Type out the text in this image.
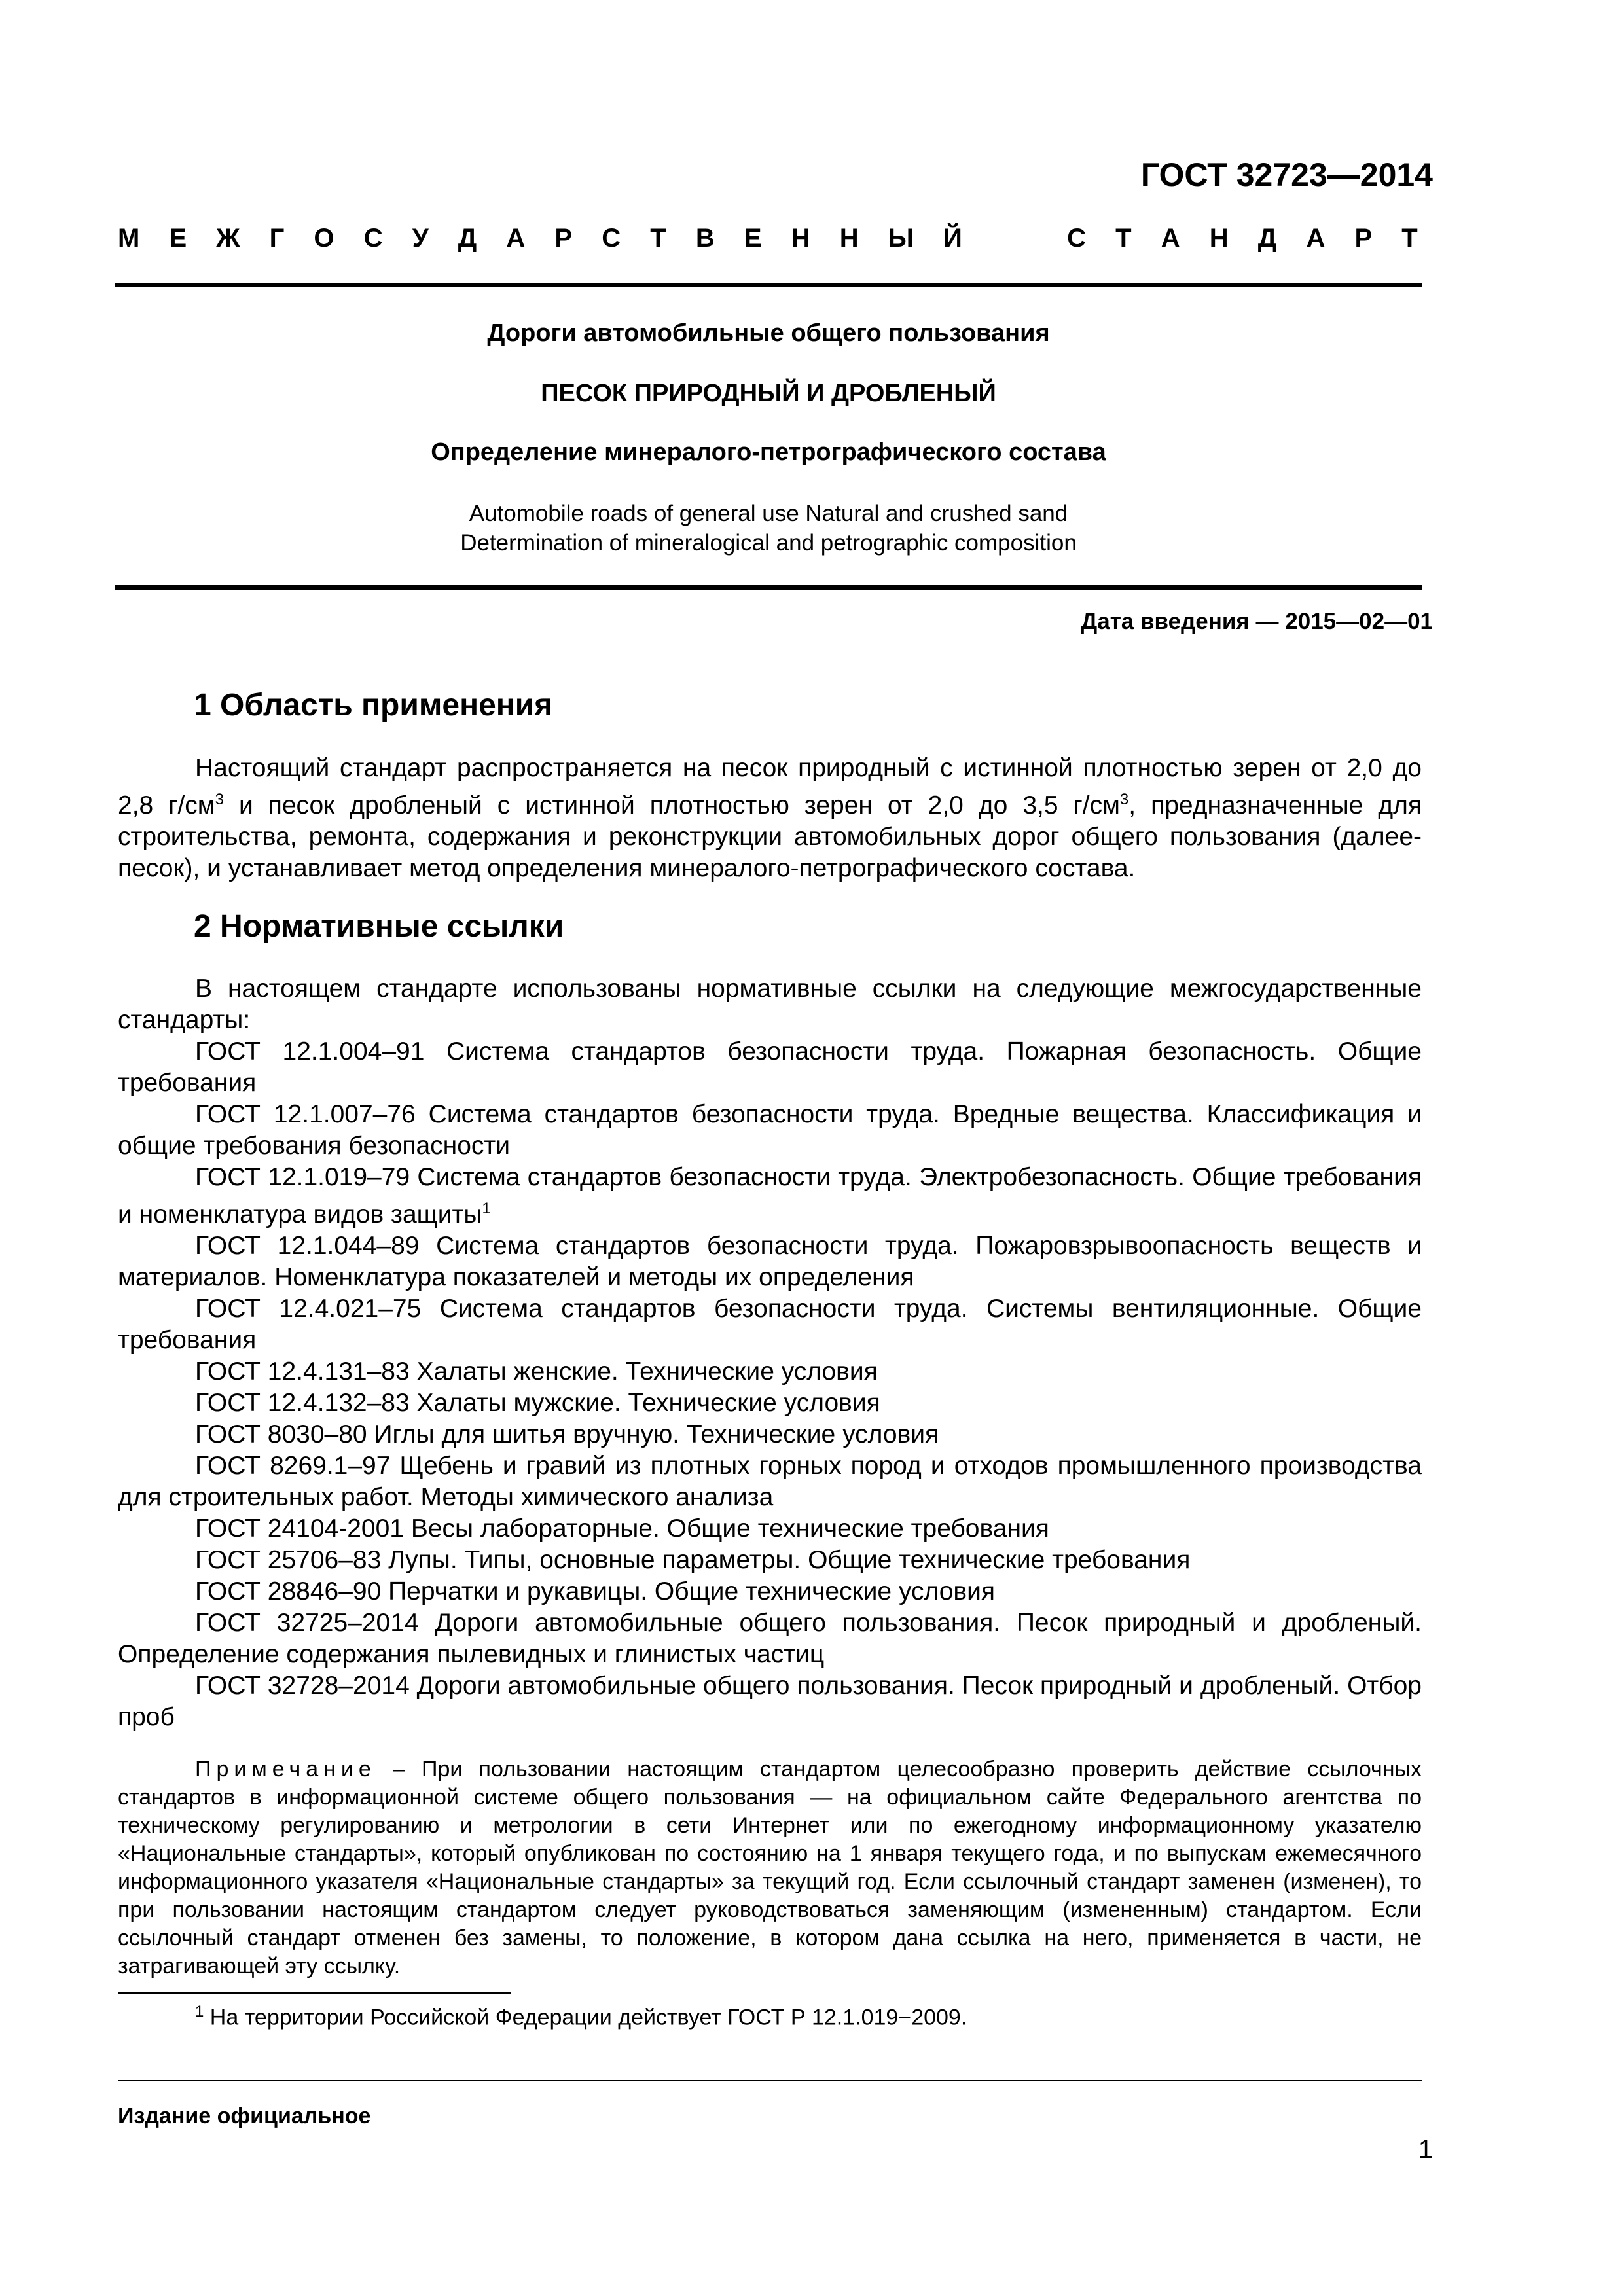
ГОСТ 32723—2014
М Е Ж Г О С У Д А Р С Т В Е Н Н Ы Й	С Т А Н Д А Р Т
Дороги автомобильные общего пользования
ПЕСОК ПРИРОДНЫЙ И ДРОБЛЕНЫЙ
Определение минералого-петрографического состава
Automobile roads of general use Natural and crushed sand
Determination of mineralogical and petrographic composition
Дата введения — 2015—02—01
1 Область применения

Настоящий стандарт распространяется на песок природный с истинной плотностью зерен от 2,0 до 2,8 $г/см^3$ и песок дробленый с истинной плотностью зерен от 2,0 до 3,5 $г/см^3$, предназначенные для строительства, ремонта, содержания и реконструкции автомобильных дорог общего пользования (далее-песок), и устанавливает метод определения минералого-петрографического состава.

2 Нормативные ссылки

В настоящем стандарте использованы нормативные ссылки на следующие межгосударственные стандарты:

ГОСТ 12.1.004–91 Система стандартов безопасности труда. Пожарная безопасность. Общие требования

ГОСТ 12.1.007–76 Система стандартов безопасности труда. Вредные вещества. Классификация и общие требования безопасности

ГОСТ 12.1.019–79 Система стандартов безопасности труда. Электробезопасность. Общие требования и номенклатура видов защиты$^1$

ГОСТ 12.1.044–89 Система стандартов безопасности труда. Пожаровзрывоопасность веществ и материалов. Номенклатура показателей и методы их определения

ГОСТ 12.4.021–75 Система стандартов безопасности труда. Системы вентиляционные. Общие требования

ГОСТ 12.4.131–83 Халаты женские. Технические условия

ГОСТ 12.4.132–83 Халаты мужские. Технические условия

ГОСТ 8030–80 Иглы для шитья вручную. Технические условия

ГОСТ 8269.1–97 Щебень и гравий из плотных горных пород и отходов промышленного производства для строительных работ. Методы химического анализа

ГОСТ 24104-2001 Весы лабораторные. Общие технические требования

ГОСТ 25706–83 Лупы. Типы, основные параметры. Общие технические требования

ГОСТ 28846–90 Перчатки и рукавицы. Общие технические условия

ГОСТ 32725–2014 Дороги автомобильные общего пользования. Песок природный и дробленый. Определение содержания пылевидных и глинистых частиц

ГОСТ 32728–2014 Дороги автомобильные общего пользования. Песок природный и дробленый. Отбор проб

Примечание – При пользовании настоящим стандартом целесообразно проверить действие ссылочных стандартов в информационной системе общего пользования — на официальном сайте Федерального агентства по техническому регулированию и метрологии в сети Интернет или по ежегодному информационному указателю «Национальные стандарты», который опубликован по состоянию на 1 января текущего года, и по выпускам ежемесячного информационного указателя «Национальные стандарты» за текущий год. Если ссылочный стандарт заменен (изменен), то при пользовании настоящим стандартом следует руководствоваться заменяющим (измененным) стандартом. Если ссылочный стандарт отменен без замены, то положение, в котором дана ссылка на него, применяется в части, не затрагивающей эту ссылку.

$^1$ На территории Российской Федерации действует ГОСТ Р 12.1.019−2009.
Издание официальное
1
